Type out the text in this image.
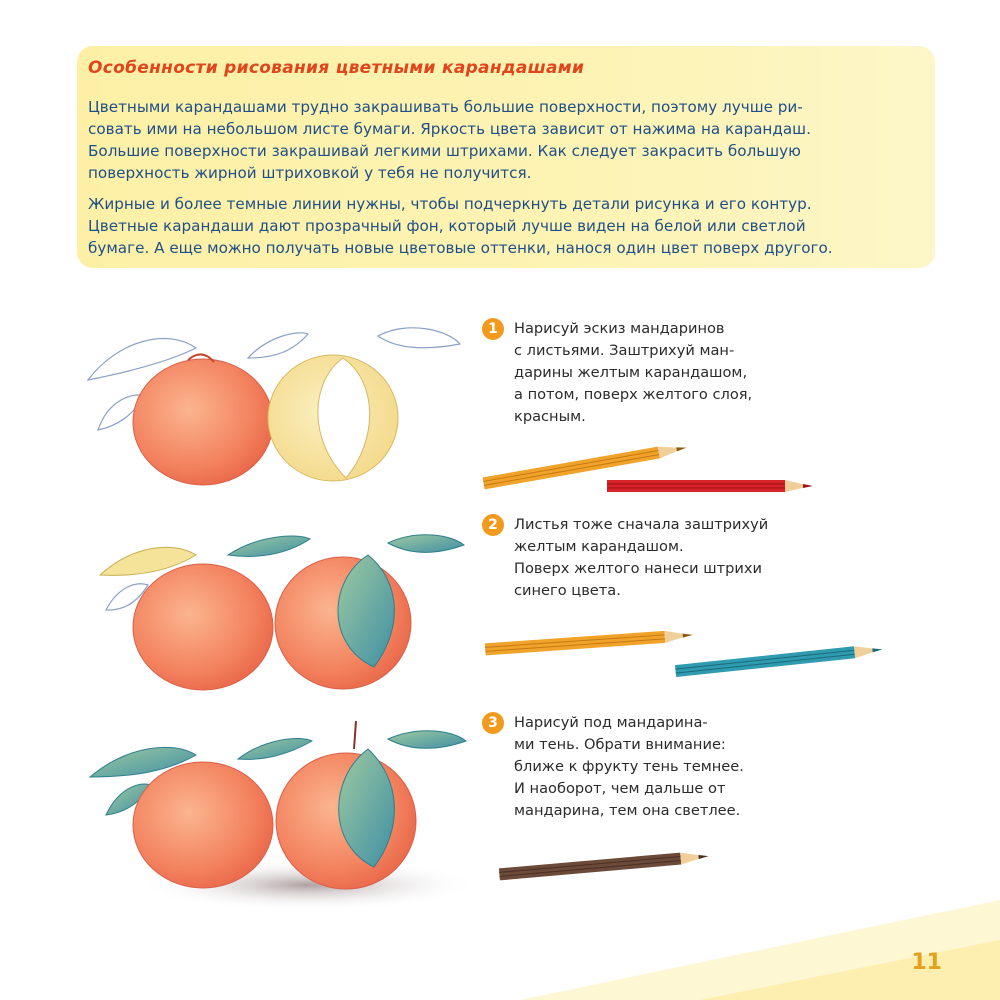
Особенности рисования цветными карандашами

Цветными карандашами трудно закрашивать большие поверхности, поэтому лучше ри-
совать ими на небольшом листе бумаги. Яркость цвета зависит от нажима на карандаш.
Большие поверхности закрашивай легкими штрихами. Как следует закрасить большую
поверхность жирной штриховкой у тебя не получится.

Жирные и более темные линии нужны, чтобы подчеркнуть детали рисунка и его контур.
Цветные карандаши дают прозрачный фон, который лучше виден на белой или светлой
бумаге. А еще можно получать новые цветовые оттенки, нанося один цвет поверх другого.

1	Нарисуй эскиз мандаринов
с листьями. Заштрихуй ман-
дарины желтым карандашом,
а потом, поверх желтого слоя,
красным.
2	Листья тоже сначала заштрихуй
желтым карандашом.
Поверх желтого нанеси штрихи
синего цвета.
3	Нарисуй под мандарина-
ми тень. Обрати внимание:
ближе к фрукту тень темнее.
И наоборот, чем дальше от
мандарина, тем она светлее.
11
